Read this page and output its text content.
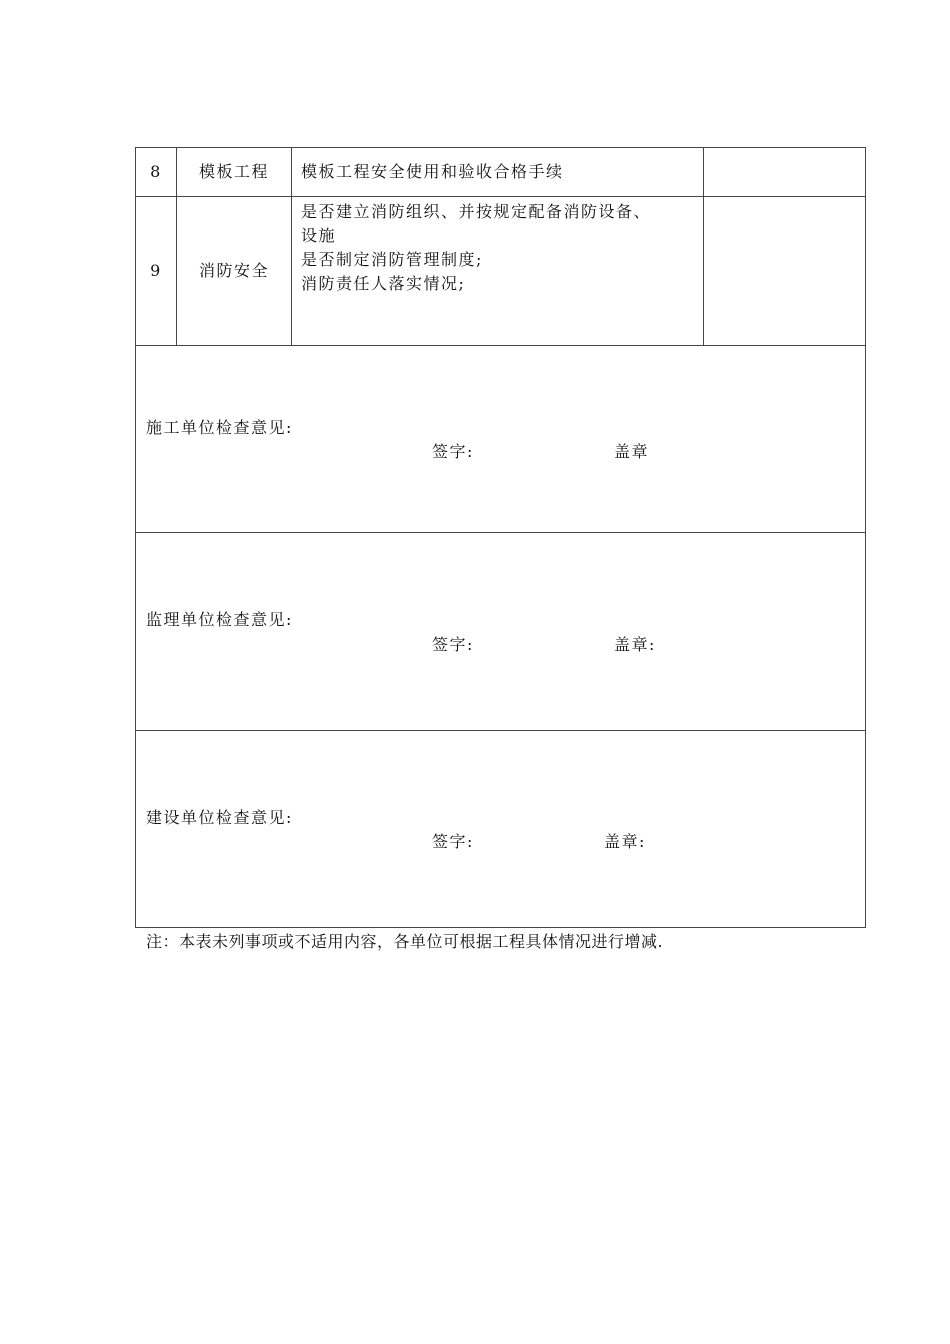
8	模板工程	模板工程安全使用和验收合格手续
9	消防安全
是否建立消防组织、并按规定配备消防设备、
设施
是否制定消防管理制度;
消防责任人落实情况;
施工单位检查意见:
签字:	盖章
监理单位检查意见:
签字:	盖章:
建设单位检查意见:
签字:	盖章:
注：本表未列事项或不适用内容，各单位可根据工程具体情况进行增减.
